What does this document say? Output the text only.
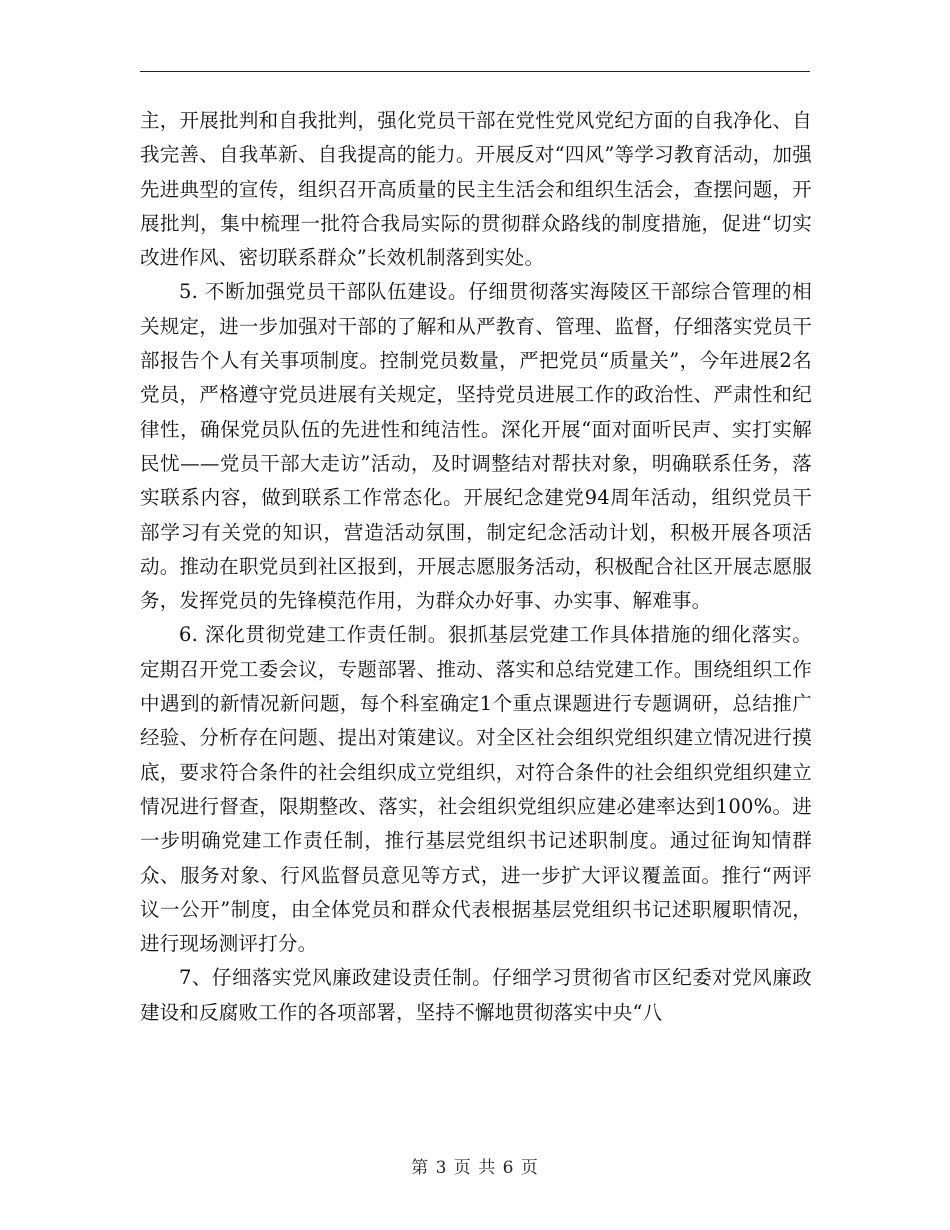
主，开展批判和自我批判，强化党员干部在党性党风党纪方面的自我净化、自我完善、自我革新、自我提高的能力。开展反对“四风”等学习教育活动，加强先进典型的宣传，组织召开高质量的民主生活会和组织生活会，查摆问题，开展批判，集中梳理一批符合我局实际的贯彻群众路线的制度措施，促进“切实改进作风、密切联系群众”长效机制落到实处。

5. 不断加强党员干部队伍建设。仔细贯彻落实海陵区干部综合管理的相关规定，进一步加强对干部的了解和从严教育、管理、监督，仔细落实党员干部报告个人有关事项制度。控制党员数量，严把党员“质量关”，今年进展2名党员，严格遵守党员进展有关规定，坚持党员进展工作的政治性、严肃性和纪律性，确保党员队伍的先进性和纯洁性。深化开展“面对面听民声、实打实解民忧——党员干部大走访”活动，及时调整结对帮扶对象，明确联系任务，落实联系内容，做到联系工作常态化。开展纪念建党94周年活动，组织党员干部学习有关党的知识，营造活动氛围，制定纪念活动计划，积极开展各项活动。推动在职党员到社区报到，开展志愿服务活动，积极配合社区开展志愿服务，发挥党员的先锋模范作用，为群众办好事、办实事、解难事。

6. 深化贯彻党建工作责任制。狠抓基层党建工作具体措施的细化落实。定期召开党工委会议，专题部署、推动、落实和总结党建工作。围绕组织工作中遇到的新情况新问题，每个科室确定1个重点课题进行专题调研，总结推广经验、分析存在问题、提出对策建议。对全区社会组织党组织建立情况进行摸底，要求符合条件的社会组织成立党组织，对符合条件的社会组织党组织建立情况进行督查，限期整改、落实，社会组织党组织应建必建率达到100%。进一步明确党建工作责任制，推行基层党组织书记述职制度。通过征询知情群众、服务对象、行风监督员意见等方式，进一步扩大评议覆盖面。推行“两评议一公开”制度，由全体党员和群众代表根据基层党组织书记述职履职情况，进行现场测评打分。

7、仔细落实党风廉政建设责任制。仔细学习贯彻省市区纪委对党风廉政建设和反腐败工作的各项部署，坚持不懈地贯彻落实中央“八

第 3 页 共 6 页
